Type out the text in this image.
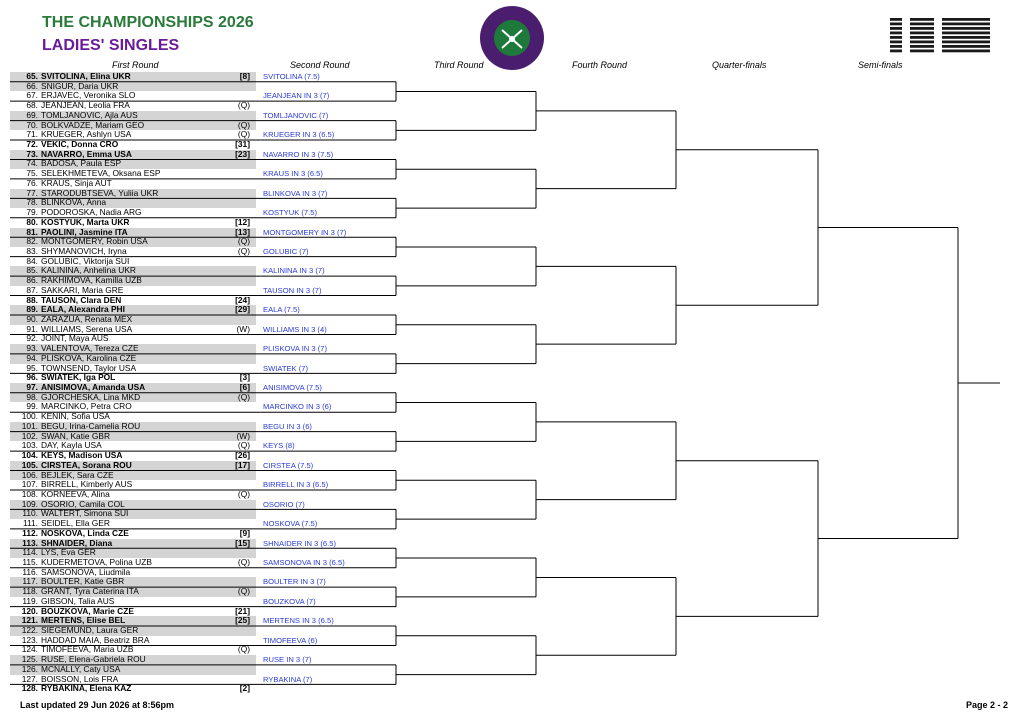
THE CHAMPIONSHIPS 2026
LADIES' SINGLES
First Round	Second Round	Third Round	Fourth Round	Quarter-finals	Semi-finals
65. SVITOLINA, Elina UKR	[8]
66. SNIGUR, Daria UKR
67. ERJAVEC, Veronika SLO
68. JEANJEAN, Leolia FRA	(Q)
69. TOMLJANOVIC, Ajla AUS
70. BOLKVADZE, Mariam GEO	(Q)
71. KRUEGER, Ashlyn USA	(Q)
72. VEKIC, Donna CRO	[31]
73. NAVARRO, Emma USA	[23]
74. BADOSA, Paula ESP
75. SELEKHMETEVA, Oksana ESP
76. KRAUS, Sinja AUT
77. STARODUBTSEVA, Yuliia UKR
78. BLINKOVA, Anna
79. PODOROSKA, Nadia ARG
80. KOSTYUK, Marta UKR	[12]
81. PAOLINI, Jasmine ITA	[13]
82. MONTGOMERY, Robin USA	(Q)
83. SHYMANOVICH, Iryna	(Q)
84. GOLUBIC, Viktorija SUI
85. KALININA, Anhelina UKR
86. RAKHIMOVA, Kamilla UZB
87. SAKKARI, Maria GRE
88. TAUSON, Clara DEN	[24]
89. EALA, Alexandra PHI	[29]
90. ZARAZUA, Renata MEX
91. WILLIAMS, Serena USA	(W)
92. JOINT, Maya AUS
93. VALENTOVA, Tereza CZE
94. PLISKOVA, Karolina CZE
95. TOWNSEND, Taylor USA
96. SWIATEK, Iga POL	[3]
97. ANISIMOVA, Amanda USA	[6]
98. GJORCHESKA, Lina MKD	(Q)
99. MARCINKO, Petra CRO
100. KENIN, Sofia USA
101. BEGU, Irina-Camelia ROU
102. SWAN, Katie GBR	(W)
103. DAY, Kayla USA	(Q)
104. KEYS, Madison USA	[26]
105. CIRSTEA, Sorana ROU	[17]
106. BEJLEK, Sara CZE
107. BIRRELL, Kimberly AUS
108. KORNEEVA, Alina	(Q)
109. OSORIO, Camila COL
110. WALTERT, Simona SUI
111. SEIDEL, Ella GER
112. NOSKOVA, Linda CZE	[9]
113. SHNAIDER, Diana	[15]
114. LYS, Eva GER
115. KUDERMETOVA, Polina UZB	(Q)
116. SAMSONOVA, Liudmila
117. BOULTER, Katie GBR
118. GRANT, Tyra Caterina ITA	(Q)
119. GIBSON, Talia AUS
120. BOUZKOVA, Marie CZE	[21]
121. MERTENS, Elise BEL	[25]
122. SIEGEMUND, Laura GER
123. HADDAD MAIA, Beatriz BRA
124. TIMOFEEVA, Maria UZB	(Q)
125. RUSE, Elena-Gabriela ROU
126. MCNALLY, Caty USA
127. BOISSON, Lois FRA
128. RYBAKINA, Elena KAZ	[2]
SVITOLINA (7.5)
JEANJEAN IN 3 (7)
TOMLJANOVIC (7)
KRUEGER IN 3 (6.5)
NAVARRO IN 3 (7.5)
KRAUS IN 3 (6.5)
BLINKOVA IN 3 (7)
KOSTYUK (7.5)
MONTGOMERY IN 3 (7)
GOLUBIC (7)
KALININA IN 3 (7)
TAUSON IN 3 (7)
EALA (7.5)
WILLIAMS IN 3 (4)
PLISKOVA IN 3 (7)
SWIATEK (7)
ANISIMOVA (7.5)
MARCINKO IN 3 (6)
BEGU IN 3 (6)
KEYS (8)
CIRSTEA (7.5)
BIRRELL IN 3 (6.5)
OSORIO (7)
NOSKOVA (7.5)
SHNAIDER IN 3 (6.5)
SAMSONOVA IN 3 (6.5)
BOULTER IN 3 (7)
BOUZKOVA (7)
MERTENS IN 3 (6.5)
TIMOFEEVA (6)
RUSE IN 3 (7)
RYBAKINA (7)
Last updated 29 Jun 2026 at 8:56pm	Page 2 - 2
